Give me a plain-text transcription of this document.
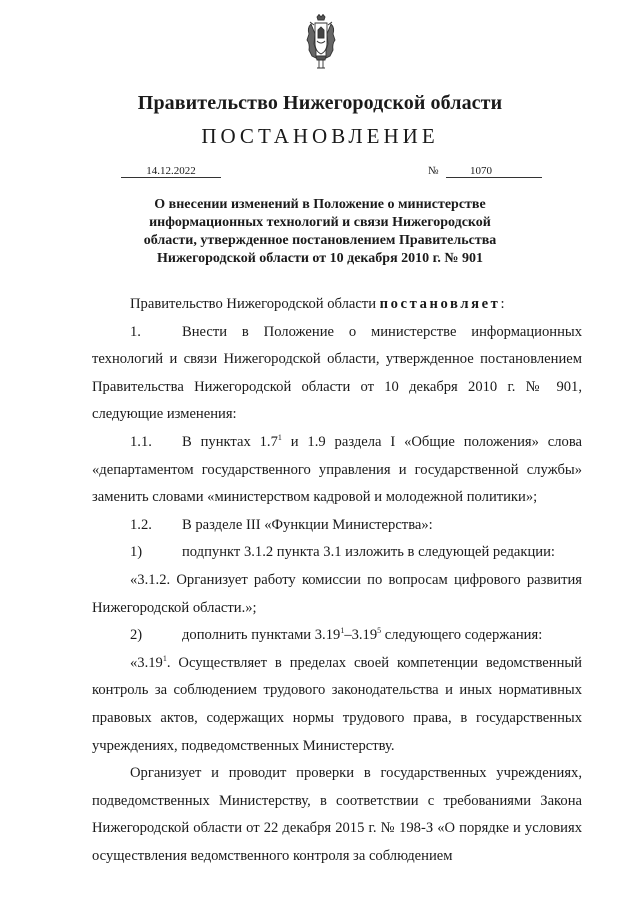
Правительство Нижегородской области
ПОСТАНОВЛЕНИЕ
14.12.2022	№	1070
О внесении изменений в Положение о министерстве
информационных технологий и связи Нижегородской
области, утвержденное постановлением Правительства
Нижегородской области от 10 декабря 2010 г. № 901

Правительство Нижегородской области постановляет:

1.	Внести в Положение о министерстве информационных технологий и связи Нижегородской области, утвержденное постановлением Правительства Нижегородской области от 10 декабря 2010 г. № 901, следующие изменения:

1.1. В пунктах $1.7^1$ и 1.9 раздела I «Общие положения» слова «департаментом государственного управления и государственной службы» заменить словами «министерством кадровой и молодежной политики»;

1.2. В разделе III «Функции Министерства»:

1)	подпункт 3.1.2 пункта 3.1 изложить в следующей редакции:

«3.1.2. Организует работу комиссии по вопросам цифрового развития Нижегородской области.»;

2)	дополнить пунктами 3.19$^1$–3.19$^5$ следующего содержания:

«3.19$^1$. Осуществляет в пределах своей компетенции ведомственный контроль за соблюдением трудового законодательства и иных нормативных правовых актов, содержащих нормы трудового права, в государственных учреждениях, подведомственных Министерству.

Организует и проводит проверки в государственных учреждениях, подведомственных Министерству, в соответствии с требованиями Закона Нижегородской области от 22 декабря 2015 г. № 198-З «О порядке и условиях осуществления ведомственного контроля за соблюдением
